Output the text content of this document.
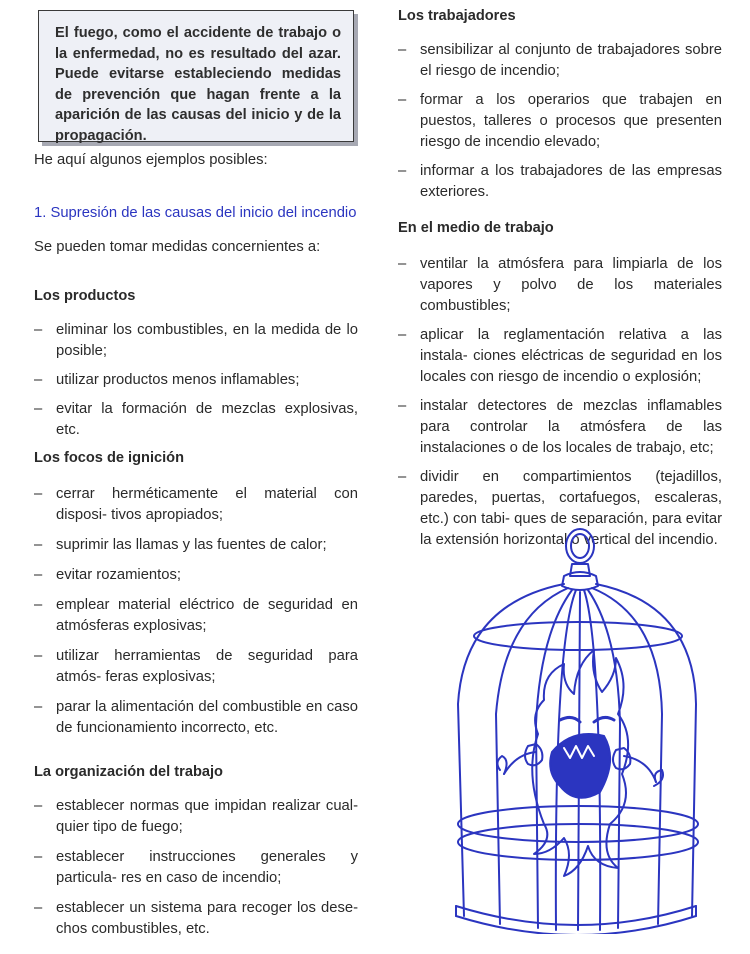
El fuego, como el accidente de trabajo o la enfermedad, no es resultado del azar. Puede evitarse estableciendo medidas de prevención que hagan frente a la aparición de las causas del inicio y de la propagación.
He aquí algunos ejemplos posibles:
1. Supresión de las causas del inicio del incendio
Se pueden tomar medidas concernientes a:
Los productos
– eliminar los combustibles, en la medida de lo posible;
– utilizar productos menos inflamables;
– evitar la formación de mezclas explosivas, etc.
Los focos de ignición
– cerrar herméticamente el material con disposi- tivos apropiados;
– suprimir las llamas y las fuentes de calor;
– evitar rozamientos;
– emplear material eléctrico de seguridad en atmósferas explosivas;
– utilizar herramientas de seguridad para atmós- feras explosivas;
– parar la alimentación del combustible en caso de funcionamiento incorrecto, etc.
La organización del trabajo
– establecer normas que impidan realizar cual- quier tipo de fuego;
– establecer instrucciones generales y particula- res en caso de incendio;
– establecer un sistema para recoger los dese- chos combustibles, etc.
Los trabajadores
– sensibilizar al conjunto de trabajadores sobre el riesgo de incendio;
– formar a los operarios que trabajen en puestos, talleres o procesos que presenten riesgo de incendio elevado;
– informar a los trabajadores de las empresas exteriores.
En el medio de trabajo
– ventilar la atmósfera para limpiarla de los vapores y polvo de los materiales combustibles;
– aplicar la reglamentación relativa a las instala- ciones eléctricas de seguridad en los locales con riesgo de incendio o explosión;
– instalar detectores de mezclas inflamables para controlar la atmósfera de las instalaciones o de los locales de trabajo, etc;
– dividir en compartimientos (tejadillos, paredes, puertas, cortafuegos, escaleras, etc.) con tabi- ques de separación, para evitar la extensión horizontal o vertical del incendio.
